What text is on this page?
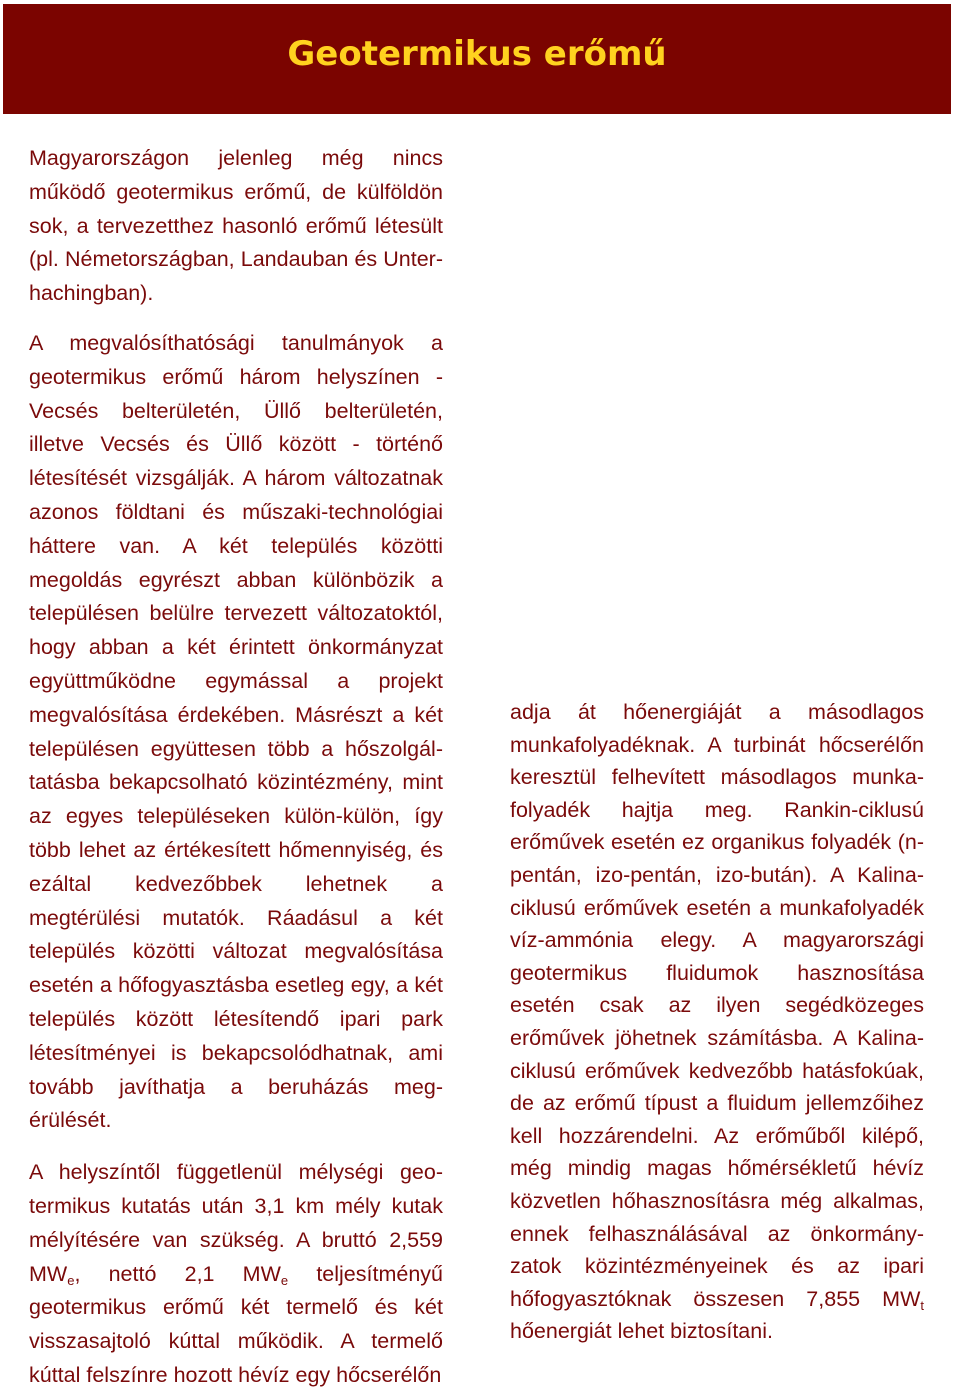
Geotermikus erőmű

Magyarországon jelenleg még nincs működő geotermikus erőmű, de külföldön sok, a tervezetthez hasonló erőmű létesült (pl. Németországban, Landauban és Unter-hachingban).

A megvalósíthatósági tanulmányok a geotermikus erőmű három helyszínen - Vecsés belterületén, Üllő belterületén, illetve Vecsés és Üllő között - történő létesítését vizsgálják. A három változatnak azonos földtani és műszaki-technológiai háttere van. A két település közötti megoldás egyrészt abban különbözik a településen belülre tervezett változatoktól, hogy abban a két érintett önkormányzat együttműködne egymással a projekt megvalósítása érdekében. Másrészt a két településen együttesen több a hőszolgál-tatásba bekapcsolható közintézmény, mint az egyes településeken külön-külön, így több lehet az értékesített hőmennyiség, és ezáltal kedvezőbbek lehetnek a megtérülési mutatók. Ráadásul a két település közötti változat megvalósítása esetén a hőfogyasztásba esetleg egy, a két település között létesítendő ipari park létesítményei is bekapcsolódhatnak, ami tovább javíthatja a beruházás meg-érülését.

A helyszíntől függetlenül mélységi geo-termikus kutatás után 3,1 km mély kutak mélyítésére van szükség. A bruttó 2,559 $MW_e$, nettó 2,1 $MW_e$ teljesítményű geotermikus erőmű két termelő és két visszasajtoló kúttal működik. A termelő kúttal felszínre hozott hévíz egy hőcserélőn

adja át hőenergiáját a másodlagos munkafolyadéknak. A turbinát hőcserélőn keresztül felhevített másodlagos munka-folyadék hajtja meg. Rankin-ciklusú erőművek esetén ez organikus folyadék (n-pentán, izo-pentán, izo-bután). A Kalina-ciklusú erőművek esetén a munkafolyadék víz-ammónia elegy. A magyarországi geotermikus fluidumok hasznosítása esetén csak az ilyen segédközeges erőművek jöhetnek számításba. A Kalina-ciklusú erőművek kedvezőbb hatásfokúak, de az erőmű típust a fluidum jellemzőihez kell hozzárendelni. Az erőműből kilépő, még mindig magas hőmérsékletű hévíz közvetlen hőhasznosításra még alkalmas, ennek felhasználásával az önkormány-zatok közintézményeinek és az ipari hőfogyasztóknak összesen 7,855 $MW_t$ hőenergiát lehet biztosítani.
